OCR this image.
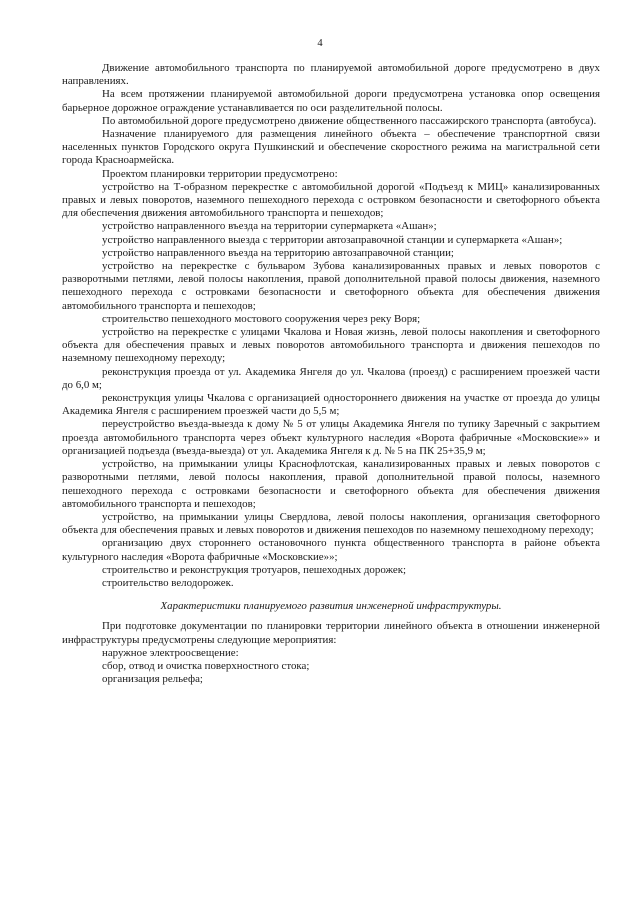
4

Движение автомобильного транспорта по планируемой автомобильной дороге предусмотрено в двух направлениях.

На всем протяжении планируемой автомобильной дороги предусмотрена установка опор освещения барьерное дорожное ограждение устанавливается по оси разделительной полосы.

По автомобильной дороге предусмотрено движение общественного пассажирского транспорта (автобуса).

Назначение планируемого для размещения линейного объекта – обеспечение транспортной связи населенных пунктов Городского округа Пушкинский и обеспечение скоростного режима на магистральной сети города Красноармейска.

Проектом планировки территории предусмотрено:

устройство на Т-образном перекрестке с автомобильной дорогой «Подъезд к МИЦ» канализированных правых и левых поворотов, наземного пешеходного перехода с островком безопасности и светофорного объекта для обеспечения движения автомобильного транспорта и пешеходов;

устройство направленного въезда на территории супермаркета «Ашан»;

устройство направленного выезда с территории автозаправочной станции и супермаркета «Ашан»;

устройство направленного въезда на территорию автозаправочной станции;

устройство на перекрестке с бульваром Зубова канализированных правых и левых поворотов с разворотными петлями, левой полосы накопления, правой дополнительной правой полосы движения, наземного пешеходного перехода с островками безопасности и светофорного объекта для обеспечения движения автомобильного транспорта и пешеходов;

строительство пешеходного мостового сооружения через реку Воря;

устройство на перекрестке с улицами Чкалова и Новая жизнь, левой полосы накопления и светофорного объекта для обеспечения правых и левых поворотов автомобильного транспорта и движения пешеходов по наземному пешеходному переходу;

реконструкция проезда от ул. Академика Янгеля до ул. Чкалова (проезд) с расширением проезжей части до 6,0 м;

реконструкция улицы Чкалова с организацией одностороннего движения на участке от проезда до улицы Академика Янгеля с расширением проезжей части до 5,5 м;

переустройство въезда-выезда к дому № 5 от улицы Академика Янгеля по тупику Заречный с закрытием проезда автомобильного транспорта через объект культурного наследия «Ворота фабричные «Московские»» и организацией подъезда (въезда-выезда) от ул. Академика Янгеля к д. № 5 на ПК 25+35,9 м;

устройство, на примыкании улицы Краснофлотская, канализированных правых и левых поворотов с разворотными петлями, левой полосы накопления, правой дополнительной правой полосы, наземного пешеходного перехода с островками безопасности и светофорного объекта для обеспечения движения автомобильного транспорта и пешеходов;

устройство, на примыкании улицы Свердлова, левой полосы накопления, организация светофорного объекта для обеспечения правых и левых поворотов и движения пешеходов по наземному пешеходному переходу;

организацию двух стороннего остановочного пункта общественного транспорта в районе объекта культурного наследия «Ворота фабричные «Московские»»;

строительство и реконструкция тротуаров, пешеходных дорожек;

строительство велодорожек.

Характеристики планируемого развития инженерной инфраструктуры.

При подготовке документации по планировки территории линейного объекта в отношении инженерной инфраструктуры предусмотрены следующие мероприятия:

наружное электроосвещение:

сбор, отвод и очистка поверхностного стока;

организация рельефа;
